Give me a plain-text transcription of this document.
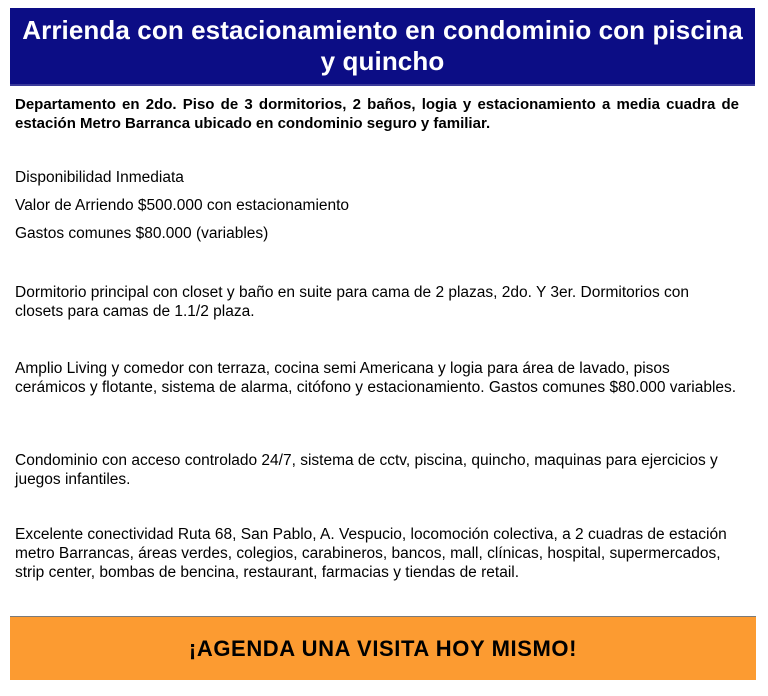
Arrienda con estacionamiento en condominio con piscina y quincho

Departamento en 2do. Piso de 3 dormitorios, 2 baños, logia y estacionamiento a media cuadra de estación Metro Barranca ubicado en condominio seguro y familiar.

Disponibilidad Inmediata
Valor de Arriendo $500.000 con estacionamiento
Gastos comunes $80.000 (variables)

Dormitorio principal con closet y baño en suite para cama de 2 plazas, 2do. Y 3er. Dormitorios con closets para camas de 1.1/2 plaza.

Amplio Living y comedor con terraza, cocina semi Americana y logia para área de lavado, pisos cerámicos y flotante, sistema de alarma, citófono y estacionamiento. Gastos comunes $80.000 variables.

Condominio con acceso controlado 24/7, sistema de cctv, piscina, quincho, maquinas para ejercicios y juegos infantiles.

Excelente conectividad Ruta 68, San Pablo, A. Vespucio, locomoción colectiva, a 2 cuadras de estación metro Barrancas, áreas verdes, colegios, carabineros, bancos, mall, clínicas, hospital, supermercados, strip center, bombas de bencina, restaurant, farmacias y tiendas de retail.

¡AGENDA UNA VISITA HOY MISMO!
